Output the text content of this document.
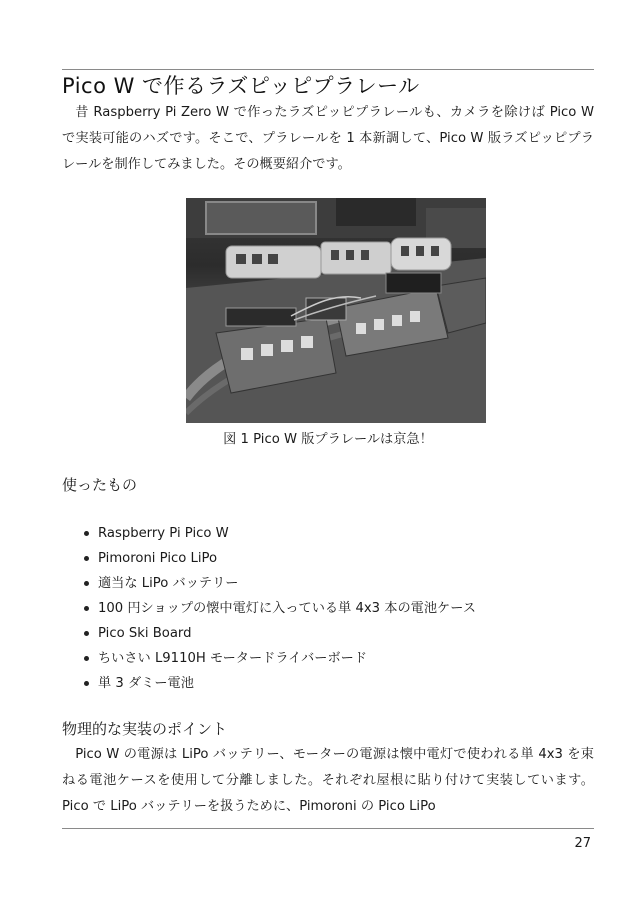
Pico W で作るラズピッピプラレール

昔 Raspberry Pi Zero W で作ったラズピッピプラレールも、カメラを除けば Pico W で実装可能のハズです。そこで、プラレールを 1 本新調して、Pico W 版ラズピッピプラレールを制作してみました。その概要紹介です。

図 1 Pico W 版プラレールは京急！

使ったもの
Raspberry Pi Pico W
Pimoroni Pico LiPo
適当な LiPo バッテリー
100 円ショップの懐中電灯に入っている単 4x3 本の電池ケース
Pico Ski Board
ちいさい L9110H モータードライバーボード
単 3 ダミー電池
物理的な実装のポイント

Pico W の電源は LiPo バッテリー、モーターの電源は懐中電灯で使われる単 4x3 を束ねる電池ケースを使用して分離しました。それぞれ屋根に貼り付けて実装しています。Pico で LiPo バッテリーを扱うために、Pimoroni の Pico LiPo

27
